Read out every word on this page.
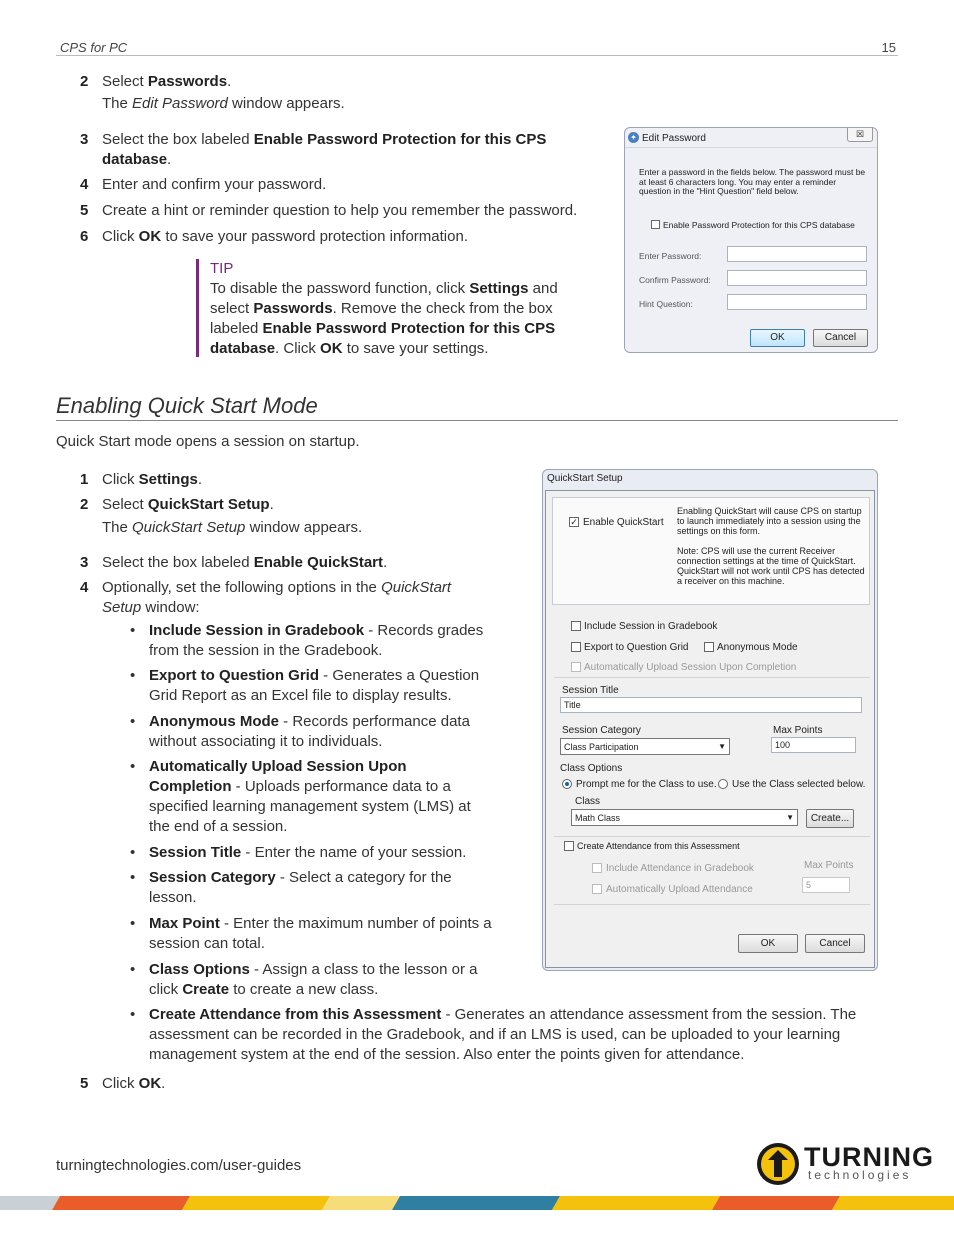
CPS for PC	15
2 Select Passwords.
The Edit Password window appears.
3 Select the box labeled Enable Password Protection for this CPS database.
4 Enter and confirm your password.
5 Create a hint or reminder question to help you remember the password.
6 Click OK to save your password protection information.
TIP
To disable the password function, click Settings and select Passwords. Remove the check from the box labeled Enable Password Protection for this CPS database. Click OK to save your settings.
✦ Edit Password	☒
Enter a password in the fields below. The password must be at least 6 characters long. You may enter a reminder question in the "Hint Question" field below.
Enable Password Protection for this CPS database
Enter Password:
Confirm Password:
Hint Question:
OK	Cancel
Enabling Quick Start Mode
Quick Start mode opens a session on startup.
1 Click Settings.
2 Select QuickStart Setup.
The QuickStart Setup window appears.
3 Select the box labeled Enable QuickStart.
4 Optionally, set the following options in the QuickStart Setup window:
• Include Session in Gradebook - Records grades from the session in the Gradebook.
• Export to Question Grid - Generates a Question Grid Report as an Excel file to display results.
• Anonymous Mode - Records performance data without associating it to individuals.
• Automatically Upload Session Upon Completion - Uploads performance data to a specified learning management system (LMS) at the end of a session.
• Session Title - Enter the name of your session.
• Session Category - Select a category for the lesson.
• Max Point - Enter the maximum number of points a session can total.
• Class Options - Assign a class to the lesson or a click Create to create a new class.
• Create Attendance from this Assessment - Generates an attendance assessment from the session. The assessment can be recorded in the Gradebook, and if an LMS is used, can be uploaded to your learning management system at the end of the session. Also enter the points given for attendance.
5 Click OK.
QuickStart Setup
✓ Enable QuickStart
Enabling QuickStart will cause CPS on startup to launch immediately into a session using the settings on this form.
Note: CPS will use the current Receiver connection settings at the time of QuickStart. QuickStart will not work until CPS has detected a receiver on this machine.
Include Session in Gradebook
Export to Question Grid	Anonymous Mode
Automatically Upload Session Upon Completion
Session Title
Title
Session Category
Class Participation	▼
Max Points
100
Class Options
Prompt me for the Class to use. Use the Class selected below.
Class
Math Class	▼	Create...
Create Attendance from this Assessment
Include Attendance in Gradebook
Automatically Upload Attendance
Max Points
5
OK	Cancel
turningtechnologies.com/user-guides	TURNING
technologies
